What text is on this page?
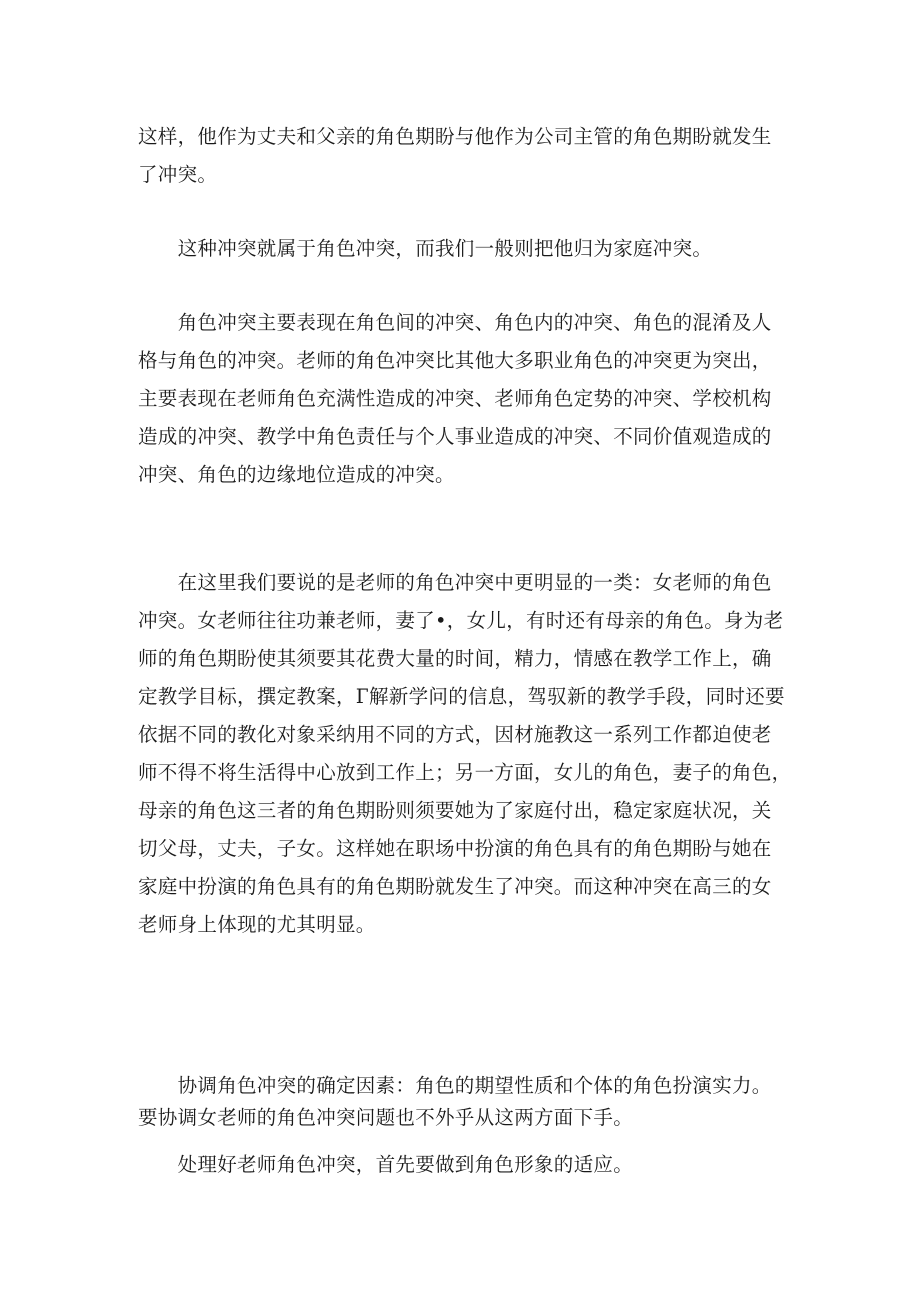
这样，他作为丈夫和父亲的角色期盼与他作为公司主管的角色期盼就发生
了冲突。

　　这种冲突就属于角色冲突，而我们一般则把他归为家庭冲突。

　　角色冲突主要表现在角色间的冲突、角色内的冲突、角色的混淆及人
格与角色的冲突。老师的角色冲突比其他大多职业角色的冲突更为突出，
主要表现在老师角色充满性造成的冲突、老师角色定势的冲突、学校机构
造成的冲突、教学中角色责任与个人事业造成的冲突、不同价值观造成的
冲突、角色的边缘地位造成的冲突。

　　在这里我们要说的是老师的角色冲突中更明显的一类：女老师的角色
冲突。女老师往往功兼老师，妻了•，女儿，有时还有母亲的角色。身为老
师的角色期盼使其须要其花费大量的时间，精力，情感在教学工作上，确
定教学目标，撰定教案，Г解新学问的信息，驾驭新的教学手段，同时还要
依据不同的教化对象采纳用不同的方式，因材施教这一系列工作都迫使老
师不得不将生活得中心放到工作上；另一方面，女儿的角色，妻子的角色，
母亲的角色这三者的角色期盼则须要她为了家庭付出，稳定家庭状况，关
切父母，丈夫，子女。这样她在职场中扮演的角色具有的角色期盼与她在
家庭中扮演的角色具有的角色期盼就发生了冲突。而这种冲突在高三的女
老师身上体现的尤其明显。

　　协调角色冲突的确定因素：角色的期望性质和个体的角色扮演实力。
要协调女老师的角色冲突问题也不外乎从这两方面下手。

　　处理好老师角色冲突，首先要做到角色形象的适应。
